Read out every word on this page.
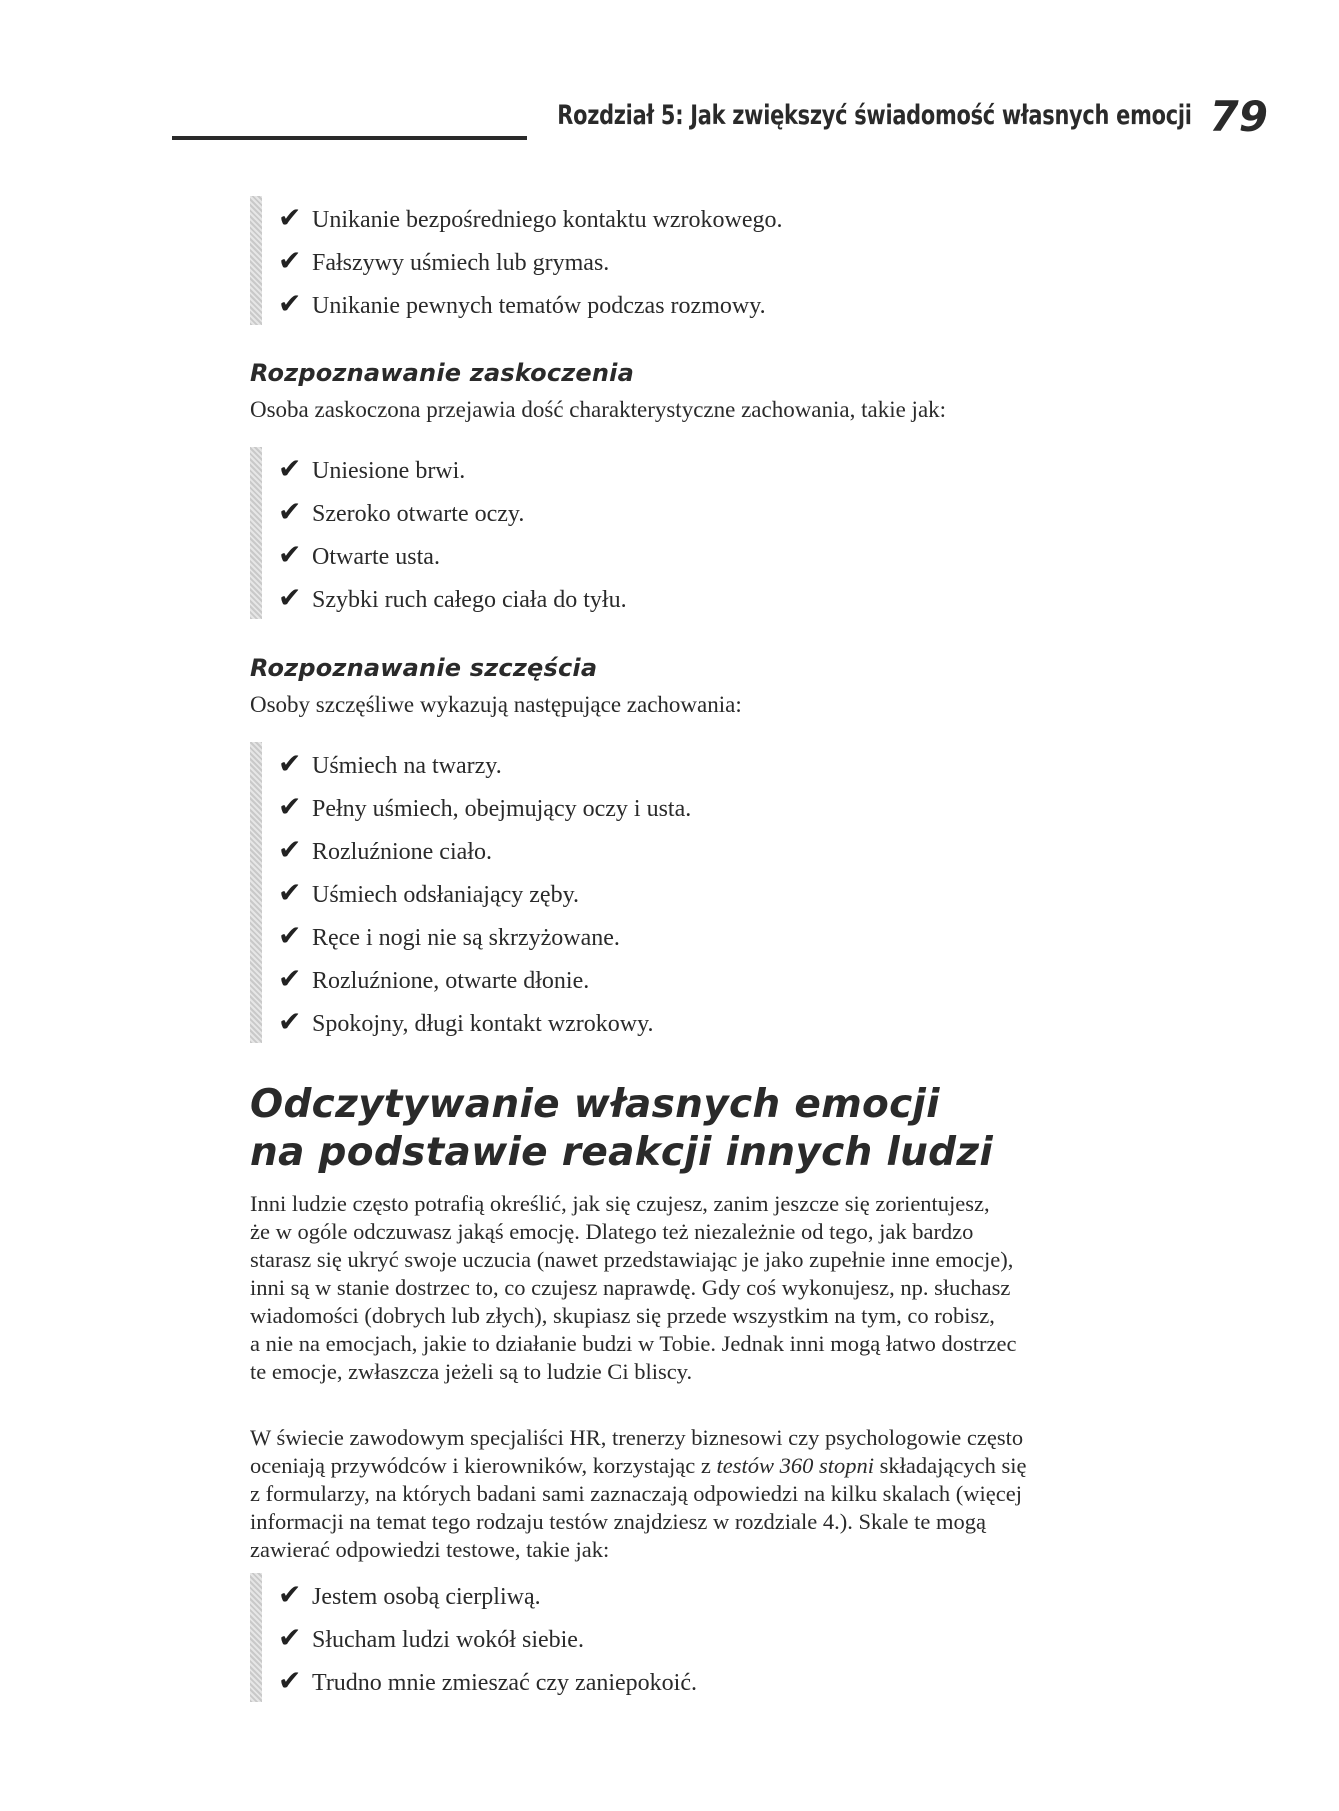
Rozdział 5: Jak zwiększyć świadomość własnych emocji 79
✔ Unikanie bezpośredniego kontaktu wzrokowego.
✔ Fałszywy uśmiech lub grymas.
✔ Unikanie pewnych tematów podczas rozmowy.
Rozpoznawanie zaskoczenia

Osoba zaskoczona przejawia dość charakterystyczne zachowania, takie jak:

✔ Uniesione brwi.
✔ Szeroko otwarte oczy.
✔ Otwarte usta.
✔ Szybki ruch całego ciała do tyłu.
Rozpoznawanie szczęścia

Osoby szczęśliwe wykazują następujące zachowania:

✔ Uśmiech na twarzy.
✔ Pełny uśmiech, obejmujący oczy i usta.
✔ Rozluźnione ciało.
✔ Uśmiech odsłaniający zęby.
✔ Ręce i nogi nie są skrzyżowane.
✔ Rozluźnione, otwarte dłonie.
✔ Spokojny, długi kontakt wzrokowy.
Odczytywanie własnych emocji
na podstawie reakcji innych ludzi

Inni ludzie często potrafią określić, jak się czujesz, zanim jeszcze się zorientujesz,
że w ogóle odczuwasz jakąś emocję. Dlatego też niezależnie od tego, jak bardzo
starasz się ukryć swoje uczucia (nawet przedstawiając je jako zupełnie inne emocje),
inni są w stanie dostrzec to, co czujesz naprawdę. Gdy coś wykonujesz, np. słuchasz
wiadomości (dobrych lub złych), skupiasz się przede wszystkim na tym, co robisz,
a nie na emocjach, jakie to działanie budzi w Tobie. Jednak inni mogą łatwo dostrzec
te emocje, zwłaszcza jeżeli są to ludzie Ci bliscy.

W świecie zawodowym specjaliści HR, trenerzy biznesowi czy psychologowie często
oceniają przywódców i kierowników, korzystając z testów 360 stopni składających się
z formularzy, na których badani sami zaznaczają odpowiedzi na kilku skalach (więcej
informacji na temat tego rodzaju testów znajdziesz w rozdziale 4.). Skale te mogą
zawierać odpowiedzi testowe, takie jak:

✔ Jestem osobą cierpliwą.
✔ Słucham ludzi wokół siebie.
✔ Trudno mnie zmieszać czy zaniepokoić.
